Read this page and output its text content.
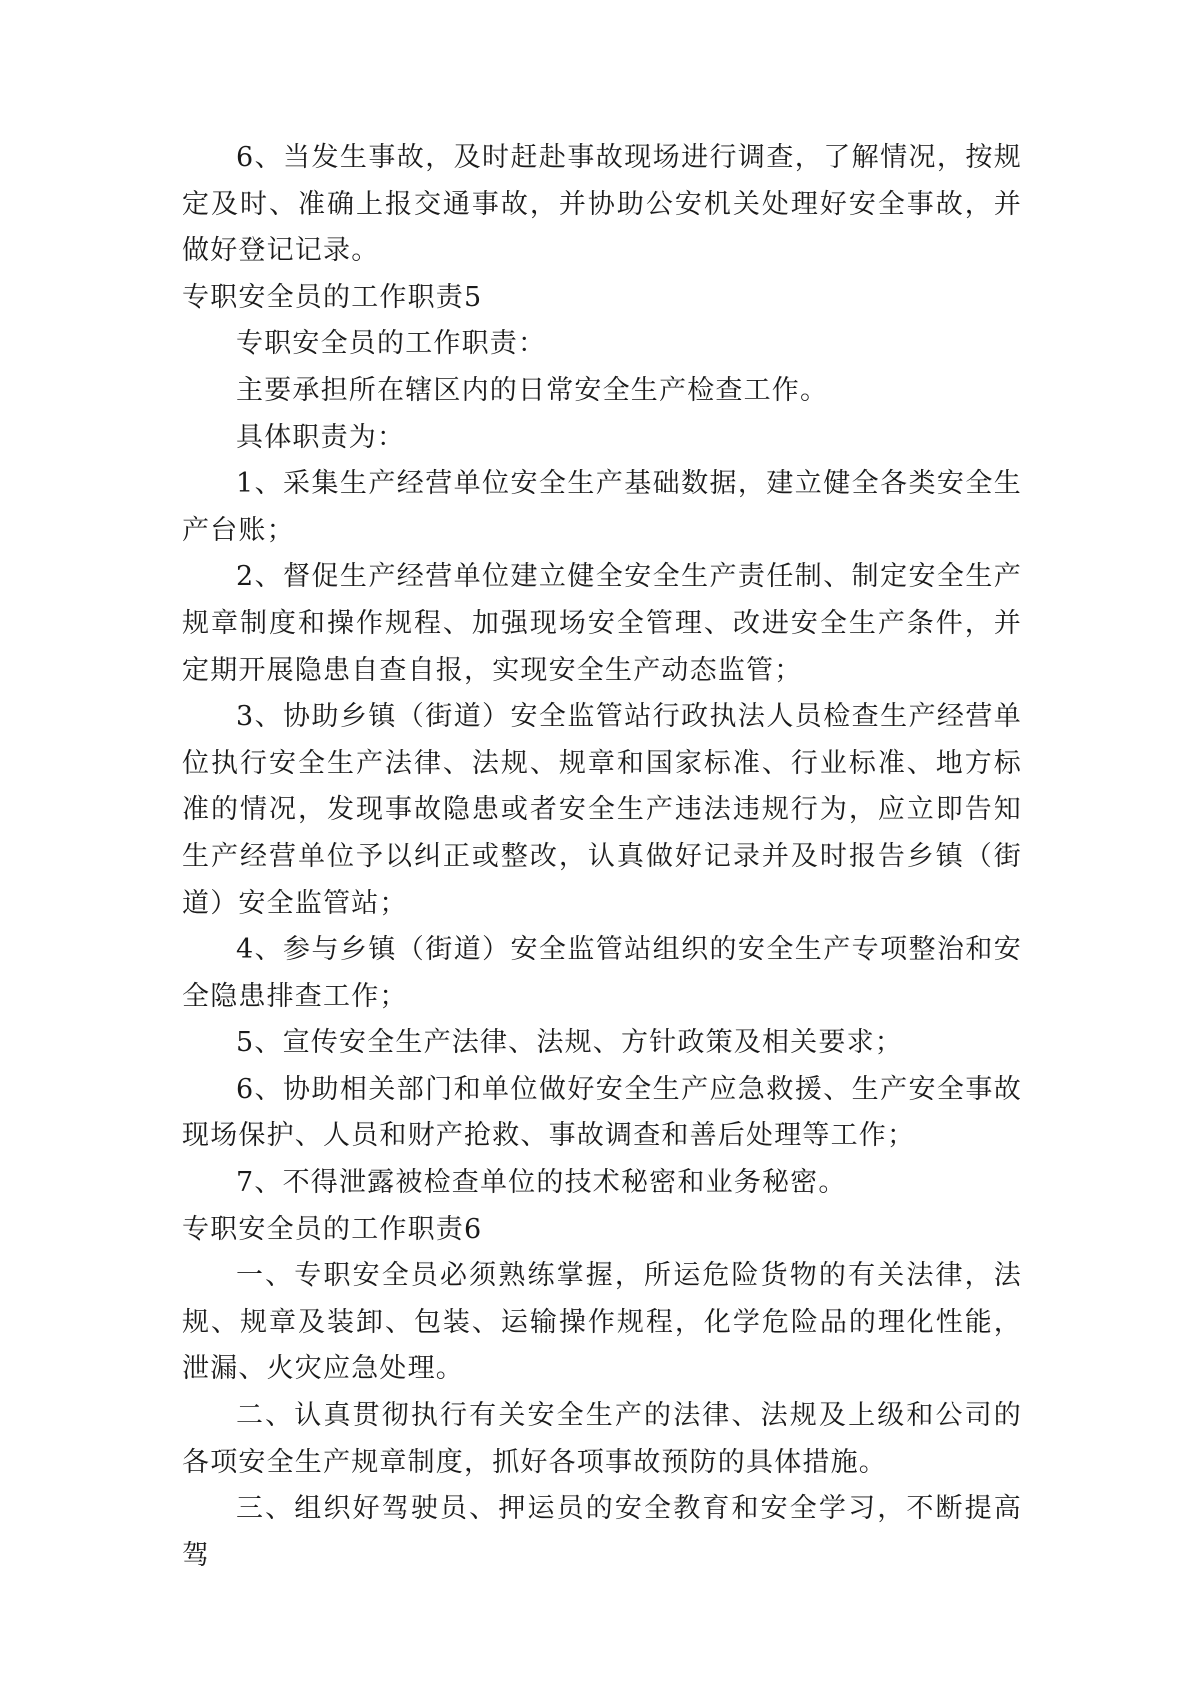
6、当发生事故，及时赶赴事故现场进行调查，了解情况，按规定及时、准确上报交通事故，并协助公安机关处理好安全事故，并做好登记记录。

专职安全员的工作职责5

专职安全员的工作职责：

主要承担所在辖区内的日常安全生产检查工作。

具体职责为：

1、采集生产经营单位安全生产基础数据，建立健全各类安全生产台账；

2、督促生产经营单位建立健全安全生产责任制、制定安全生产规章制度和操作规程、加强现场安全管理、改进安全生产条件，并定期开展隐患自查自报，实现安全生产动态监管；

3、协助乡镇（街道）安全监管站行政执法人员检查生产经营单位执行安全生产法律、法规、规章和国家标准、行业标准、地方标准的情况，发现事故隐患或者安全生产违法违规行为，应立即告知生产经营单位予以纠正或整改，认真做好记录并及时报告乡镇（街道）安全监管站；

4、参与乡镇（街道）安全监管站组织的安全生产专项整治和安全隐患排查工作；

5、宣传安全生产法律、法规、方针政策及相关要求；

6、协助相关部门和单位做好安全生产应急救援、生产安全事故现场保护、人员和财产抢救、事故调查和善后处理等工作；

7、不得泄露被检查单位的技术秘密和业务秘密。

专职安全员的工作职责6

一、专职安全员必须熟练掌握，所运危险货物的有关法律，法规、规章及装卸、包装、运输操作规程，化学危险品的理化性能，泄漏、火灾应急处理。

二、认真贯彻执行有关安全生产的法律、法规及上级和公司的各项安全生产规章制度，抓好各项事故预防的具体措施。

三、组织好驾驶员、押运员的安全教育和安全学习，不断提高驾
